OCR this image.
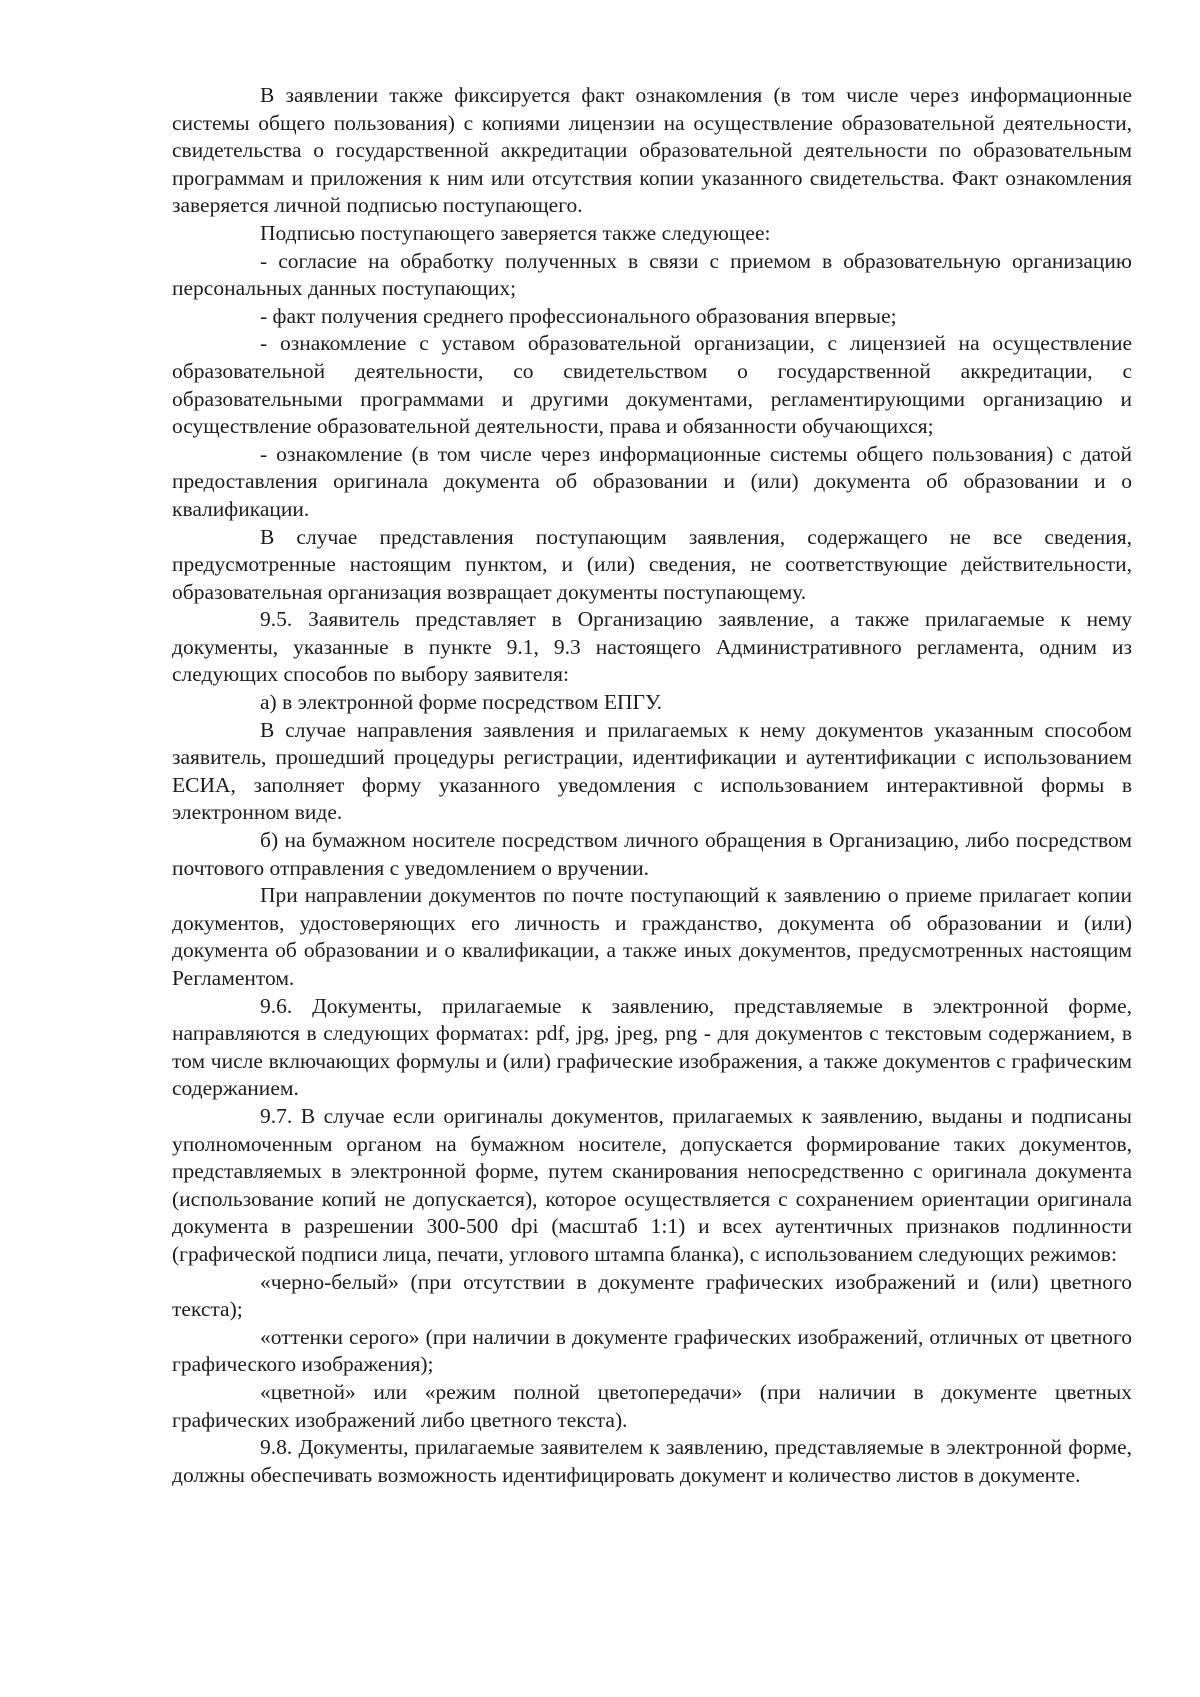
В заявлении также фиксируется факт ознакомления (в том числе через информационные системы общего пользования) с копиями лицензии на осуществление образовательной деятельности, свидетельства о государственной аккредитации образовательной деятельности по образовательным программам и приложения к ним или отсутствия копии указанного свидетельства. Факт ознакомления заверяется личной подписью поступающего.

Подписью поступающего заверяется также следующее:

- согласие на обработку полученных в связи с приемом в образовательную организацию персональных данных поступающих;

- факт получения среднего профессионального образования впервые;

- ознакомление с уставом образовательной организации, с лицензией на осуществление образовательной деятельности, со свидетельством о государственной аккредитации, с образовательными программами и другими документами, регламентирующими организацию и осуществление образовательной деятельности, права и обязанности обучающихся;

- ознакомление (в том числе через информационные системы общего пользования) с датой предоставления оригинала документа об образовании и (или) документа об образовании и о квалификации.

В случае представления поступающим заявления, содержащего не все сведения, предусмотренные настоящим пунктом, и (или) сведения, не соответствующие действительности, образовательная организация возвращает документы поступающему.

9.5. Заявитель представляет в Организацию заявление, а также прилагаемые к нему документы, указанные в пункте 9.1, 9.3 настоящего Административного регламента, одним из следующих способов по выбору заявителя:

а) в электронной форме посредством ЕПГУ.

В случае направления заявления и прилагаемых к нему документов указанным способом заявитель, прошедший процедуры регистрации, идентификации и аутентификации с использованием ЕСИА, заполняет форму указанного уведомления с использованием интерактивной формы в электронном виде.

б) на бумажном носителе посредством личного обращения в Организацию, либо посредством почтового отправления с уведомлением о вручении.

При направлении документов по почте поступающий к заявлению о приеме прилагает копии документов, удостоверяющих его личность и гражданство, документа об образовании и (или) документа об образовании и о квалификации, а также иных документов, предусмотренных настоящим Регламентом.

9.6. Документы, прилагаемые к заявлению, представляемые в электронной форме, направляются в следующих форматах: pdf, jpg, jpeg, png - для документов с текстовым содержанием, в том числе включающих формулы и (или) графические изображения, а также документов с графическим содержанием.

9.7. В случае если оригиналы документов, прилагаемых к заявлению, выданы и подписаны уполномоченным органом на бумажном носителе, допускается формирование таких документов, представляемых в электронной форме, путем сканирования непосредственно с оригинала документа (использование копий не допускается), которое осуществляется с сохранением ориентации оригинала документа в разрешении 300-500 dpi (масштаб 1:1) и всех аутентичных признаков подлинности (графической подписи лица, печати, углового штампа бланка), с использованием следующих режимов:

«черно-белый» (при отсутствии в документе графических изображений и (или) цветного текста);

«оттенки серого» (при наличии в документе графических изображений, отличных от цветного графического изображения);

«цветной» или «режим полной цветопередачи» (при наличии в документе цветных графических изображений либо цветного текста).

9.8. Документы, прилагаемые заявителем к заявлению, представляемые в электронной форме, должны обеспечивать возможность идентифицировать документ и количество листов в документе.
